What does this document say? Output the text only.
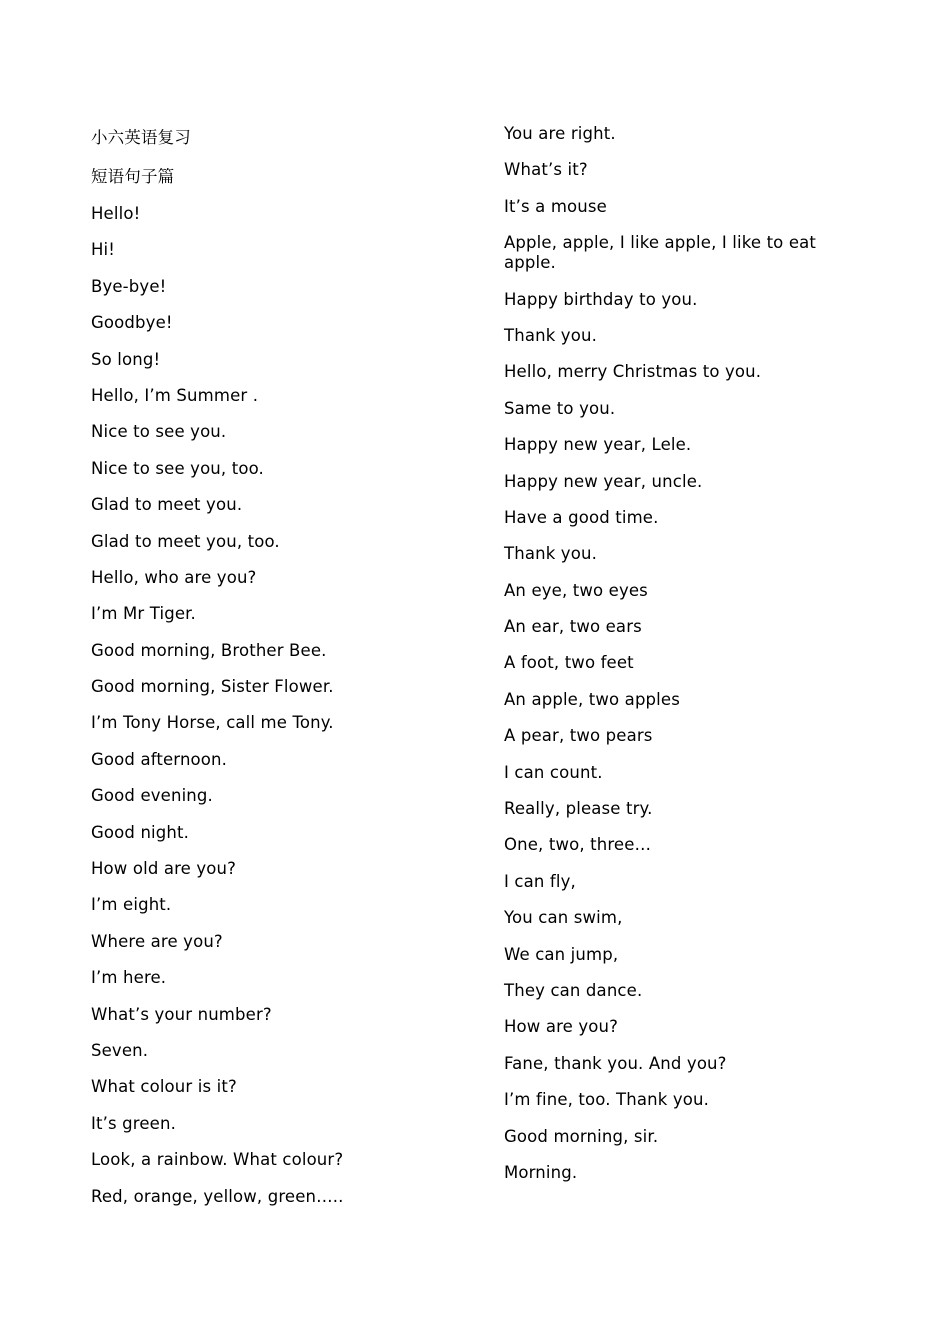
小六英语复习
短语句子篇
Hello!
Hi!
Bye-bye!
Goodbye!
So long!
Hello, I’m Summer .
Nice to see you.
Nice to see you, too.
Glad to meet you.
Glad to meet you, too.
Hello, who are you?
I’m Mr Tiger.
Good morning, Brother Bee.
Good morning, Sister Flower.
I’m Tony Horse, call me Tony.
Good afternoon.
Good evening.
Good night.
How old are you?
I’m eight.
Where are you?
I’m here.
What’s your number?
Seven.
What colour is it?
It’s green.
Look, a rainbow. What colour?
Red, orange, yellow, green…..
You are right.
What’s it?
It’s a mouse
Apple, apple, I like apple, I like to eat apple.
Happy birthday to you.
Thank you.
Hello, merry Christmas to you.
Same to you.
Happy new year, Lele.
Happy new year, uncle.
Have a good time.
Thank you.
An eye, two eyes
An ear, two ears
A foot, two feet
An apple, two apples
A pear, two pears
I can count.
Really, please try.
One, two, three…
I can fly,
You can swim,
We can jump,
They can dance.
How are you?
Fane, thank you. And you?
I’m fine, too. Thank you.
Good morning, sir.
Morning.
